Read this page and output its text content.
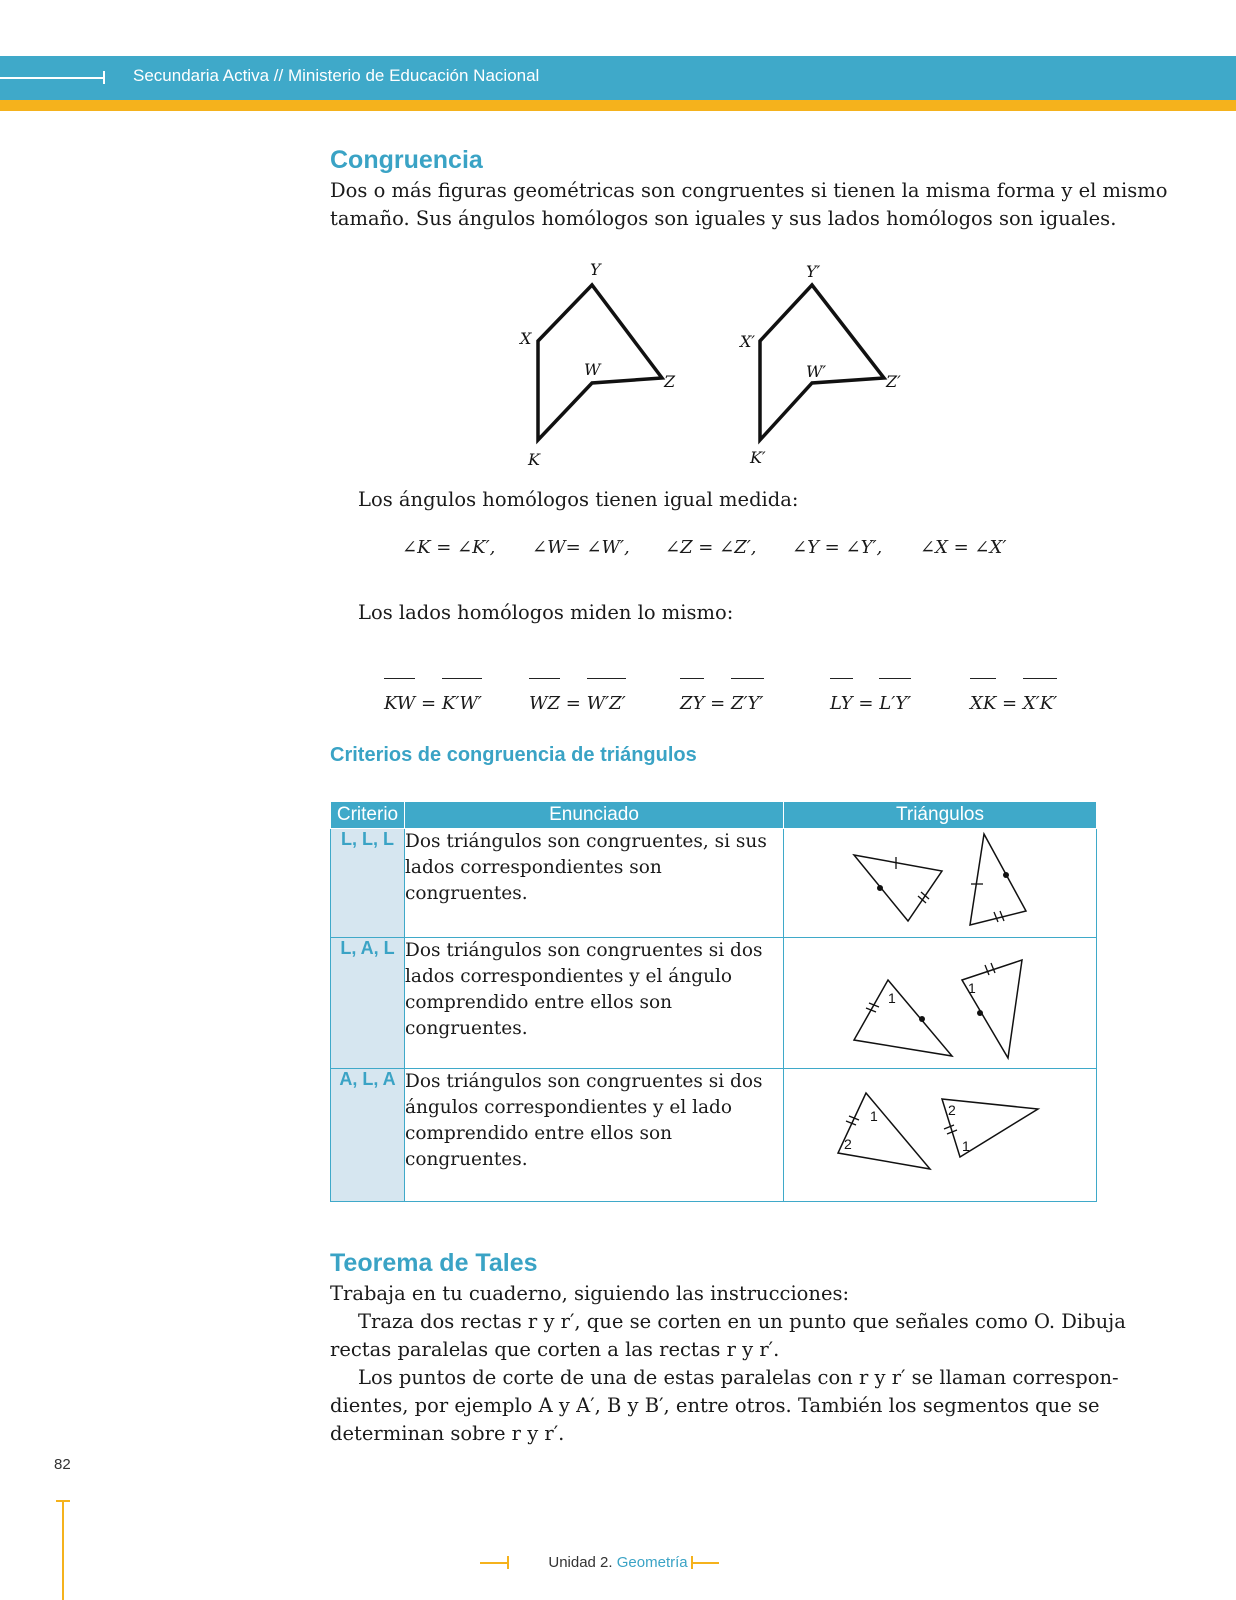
Secundaria Activa // Ministerio de Educación Nacional
Congruencia
Dos o más figuras geométricas son congruentes si tienen la misma forma y el mismo
tamaño. Sus ángulos homólogos son iguales y sus lados homólogos son iguales.
Y
X
W
Z
K
Y′
X′
W′
Z′
K′
Los ángulos homólogos tienen igual medida:
∠K = ∠K′, ∠W= ∠W′, ∠Z = ∠Z′, ∠Y = ∠Y′, ∠X = ∠X′
Los lados homólogos miden lo mismo:
KW = K′W′	WZ = W′Z′	ZY = Z′Y′	LY = L′Y′	XK = X′K′
Criterios de congruencia de triángulos
Criterio	Enunciado	Triángulos
L, L, L	Dos triángulos son congruentes, si sus lados correspondientes son congruentes.	
L, A, L	Dos triángulos son congruentes si dos lados correspondientes y el ángulo comprendido entre ellos son congruentes.	1
1

A, L, A	Dos triángulos son congruentes si dos ángulos correspondientes y el lado comprendido entre ellos son congruentes.	1
2
2
1
Teorema de Tales
Trabaja en tu cuaderno, siguiendo las instrucciones:
Traza dos rectas r y r′, que se corten en un punto que señales como O. Dibuja
rectas paralelas que corten a las rectas r y r′.
Los puntos de corte de una de estas paralelas con r y r′ se llaman correspon-
dientes, por ejemplo A y A′, B y B′, entre otros. También los segmentos que se
determinan sobre r y r′.
82
Unidad 2. Geometría
